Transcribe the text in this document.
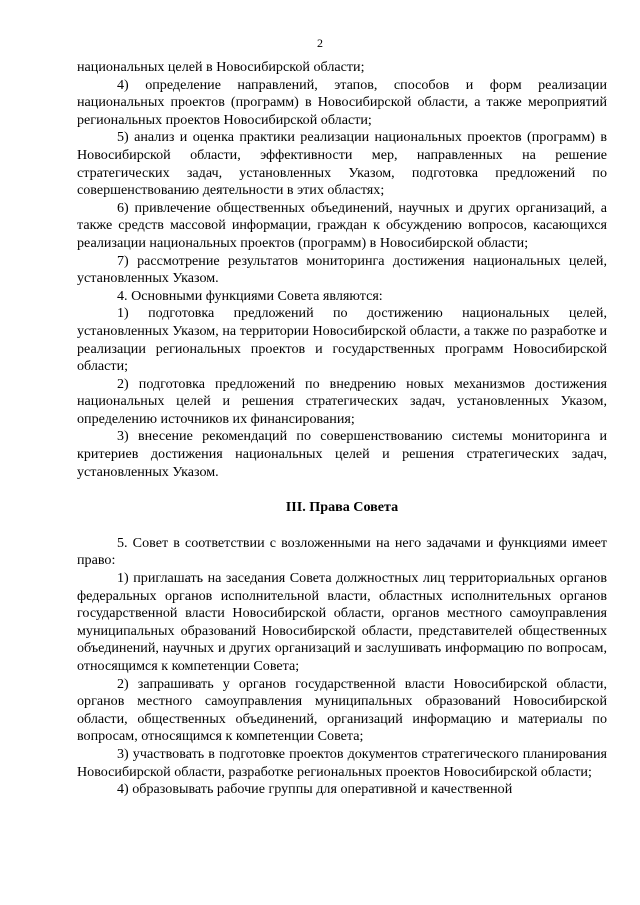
2

национальных целей в Новосибирской области;

4) определение направлений, этапов, способов и форм реализации национальных проектов (программ) в Новосибирской области, а также мероприятий региональных проектов Новосибирской области;

5) анализ и оценка практики реализации национальных проектов (программ) в Новосибирской области, эффективности мер, направленных на решение стратегических задач, установленных Указом, подготовка предложений по совершенствованию деятельности в этих областях;

6) привлечение общественных объединений, научных и других организаций, а также средств массовой информации, граждан к обсуждению вопросов, касающихся реализации национальных проектов (программ) в Новосибирской области;

7) рассмотрение результатов мониторинга достижения национальных целей, установленных Указом.

4. Основными функциями Совета являются:

1) подготовка предложений по достижению национальных целей, установленных Указом, на территории Новосибирской области, а также по разработке и реализации региональных проектов и государственных программ Новосибирской области;

2) подготовка предложений по внедрению новых механизмов достижения национальных целей и решения стратегических задач, установленных Указом, определению источников их финансирования;

3) внесение рекомендаций по совершенствованию системы мониторинга и критериев достижения национальных целей и решения стратегических задач, установленных Указом.

III. Права Совета

5. Совет в соответствии с возложенными на него задачами и функциями имеет право:

1) приглашать на заседания Совета должностных лиц территориальных органов федеральных органов исполнительной власти, областных исполнительных органов государственной власти Новосибирской области, органов местного самоуправления муниципальных образований Новосибирской области, представителей общественных объединений, научных и других организаций и заслушивать информацию по вопросам, относящимся к компетенции Совета;

2) запрашивать у органов государственной власти Новосибирской области, органов местного самоуправления муниципальных образований Новосибирской области, общественных объединений, организаций информацию и материалы по вопросам, относящимся к компетенции Совета;

3) участвовать в подготовке проектов документов стратегического планирования Новосибирской области, разработке региональных проектов Новосибирской области;

4) образовывать рабочие группы для оперативной и качественной
